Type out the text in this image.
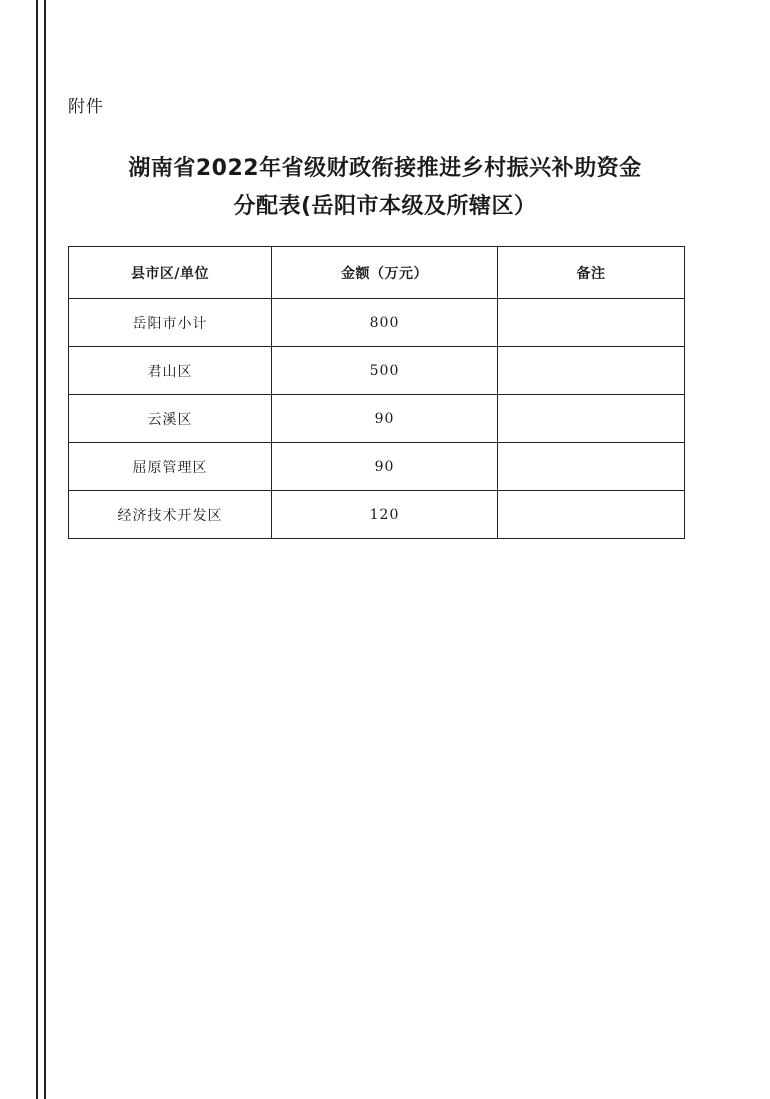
附件
湖南省2022年省级财政衔接推进乡村振兴补助资金
分配表(岳阳市本级及所辖区）
县市区/单位	金额（万元）	备注
岳阳市小计	800	
君山区	500	
云溪区	90	
屈原管理区	90	
经济技术开发区	120	
